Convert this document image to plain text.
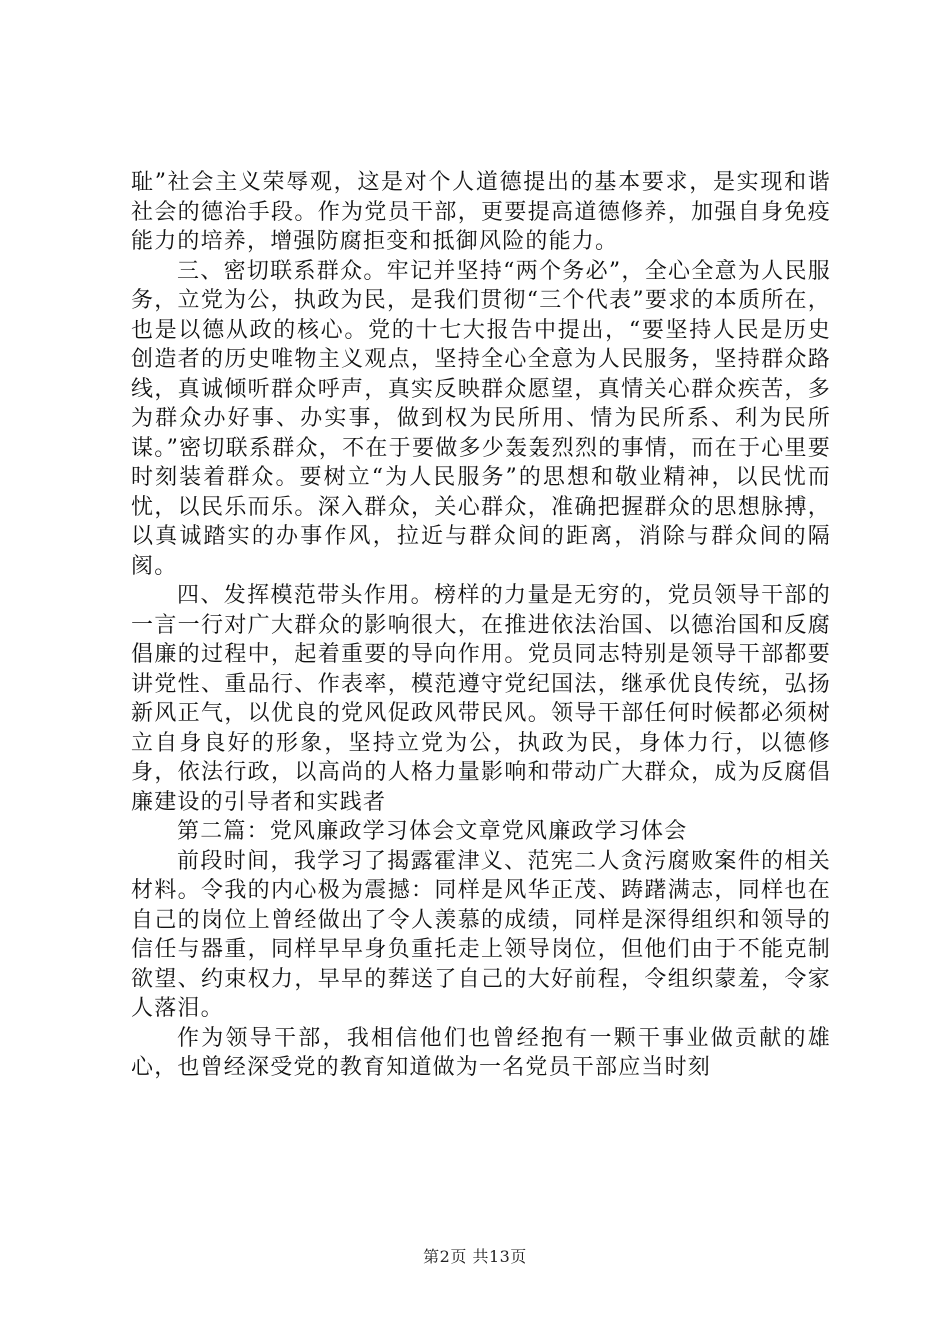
耻”社会主义荣辱观，这是对个人道德提出的基本要求，是实现和谐社会的德治手段。作为党员干部，更要提高道德修养，加强自身免疫能力的培养，增强防腐拒变和抵御风险的能力。

三、密切联系群众。牢记并坚持“两个务必”，全心全意为人民服务，立党为公，执政为民，是我们贯彻“三个代表”要求的本质所在，也是以德从政的核心。党的十七大报告中提出，“要坚持人民是历史创造者的历史唯物主义观点，坚持全心全意为人民服务，坚持群众路线，真诚倾听群众呼声，真实反映群众愿望，真情关心群众疾苦，多为群众办好事、办实事，做到权为民所用、情为民所系、利为民所谋。”密切联系群众，不在于要做多少轰轰烈烈的事情，而在于心里要时刻装着群众。要树立“为人民服务”的思想和敬业精神，以民忧而忧，以民乐而乐。深入群众，关心群众，准确把握群众的思想脉搏，以真诚踏实的办事作风，拉近与群众间的距离，消除与群众间的隔阂。

四、发挥模范带头作用。榜样的力量是无穷的，党员领导干部的一言一行对广大群众的影响很大，在推进依法治国、以德治国和反腐倡廉的过程中，起着重要的导向作用。党员同志特别是领导干部都要讲党性、重品行、作表率，模范遵守党纪国法，继承优良传统，弘扬新风正气，以优良的党风促政风带民风。领导干部任何时候都必须树立自身良好的形象，坚持立党为公，执政为民，身体力行，以德修身，依法行政，以高尚的人格力量影响和带动广大群众，成为反腐倡廉建设的引导者和实践者

第二篇：党风廉政学习体会文章党风廉政学习体会

前段时间，我学习了揭露霍津义、范宪二人贪污腐败案件的相关材料。令我的内心极为震撼：同样是风华正茂、踌躇满志，同样也在自己的岗位上曾经做出了令人羡慕的成绩，同样是深得组织和领导的信任与器重，同样早早身负重托走上领导岗位，但他们由于不能克制欲望、约束权力，早早的葬送了自己的大好前程，令组织蒙羞，令家人落泪。

作为领导干部，我相信他们也曾经抱有一颗干事业做贡献的雄心，也曾经深受党的教育知道做为一名党员干部应当时刻

第2页 共13页
